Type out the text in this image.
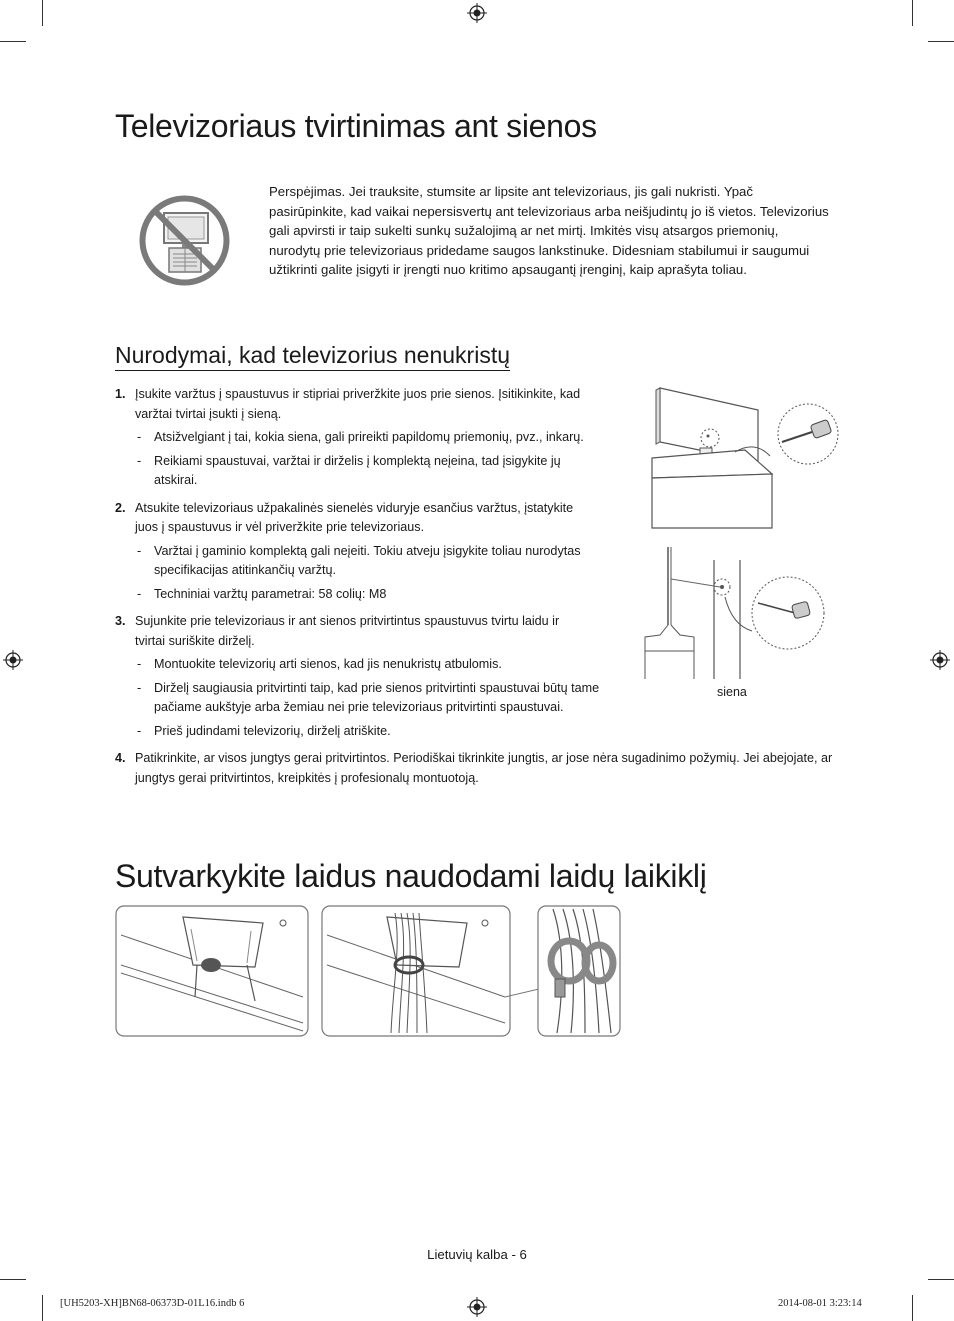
Televizoriaus tvirtinimas ant sienos
Perspėjimas. Jei trauksite, stumsite ar lipsite ant televizoriaus, jis gali nukristi. Ypač pasirūpinkite, kad vaikai nepersisvertų ant televizoriaus arba neišjudintų jo iš vietos. Televizorius gali apvirsti ir taip sukelti sunkų sužalojimą ar net mirtį. Imkitės visų atsargos priemonių, nurodytų prie televizoriaus pridedame saugos lankstinuke. Didesniam stabilumui ir saugumui užtikrinti galite įsigyti ir įrengti nuo kritimo apsaugantį įrenginį, kaip aprašyta toliau.
Nurodymai, kad televizorius nenukristų
1. Įsukite varžtus į spaustuvus ir stipriai priveržkite juos prie sienos. Įsitikinkite, kad varžtai tvirtai įsukti į sieną.
- Atsižvelgiant į tai, kokia siena, gali prireikti papildomų priemonių, pvz., inkarų.
- Reikiami spaustuvai, varžtai ir dirželis į komplektą neįeina, tad įsigykite jų atskirai.
2. Atsukite televizoriaus užpakalinės sienelės viduryje esančius varžtus, įstatykite juos į spaustuvus ir vėl priveržkite prie televizoriaus.
- Varžtai į gaminio komplektą gali neįeiti. Tokiu atveju įsigykite toliau nurodytas specifikacijas atitinkančių varžtų.
- Techniniai varžtų parametrai: 58 colių: M8
3. Sujunkite prie televizoriaus ir ant sienos pritvirtintus spaustuvus tvirtu laidu ir tvirtai suriškite dirželį.
- Montuokite televizorių arti sienos, kad jis nenukristų atbulomis.
- Dirželį saugiausia pritvirtinti taip, kad prie sienos pritvirtinti spaustuvai būtų tame pačiame aukštyje arba žemiau nei prie televizoriaus pritvirtinti spaustuvai.
- Prieš judindami televizorių, dirželį atriškite.
4. Patikrinkite, ar visos jungtys gerai pritvirtintos. Periodiškai tikrinkite jungtis, ar jose nėra sugadinimo požymių. Jei abejojate, ar jungtys gerai pritvirtintos, kreipkitės į profesionalų montuotoją.
siena
Sutvarkykite laidus naudodami laidų laikiklį
Lietuvių kalba - 6
[UH5203-XH]BN68-06373D-01L16.indb 6	2014-08-01 3:23:14
